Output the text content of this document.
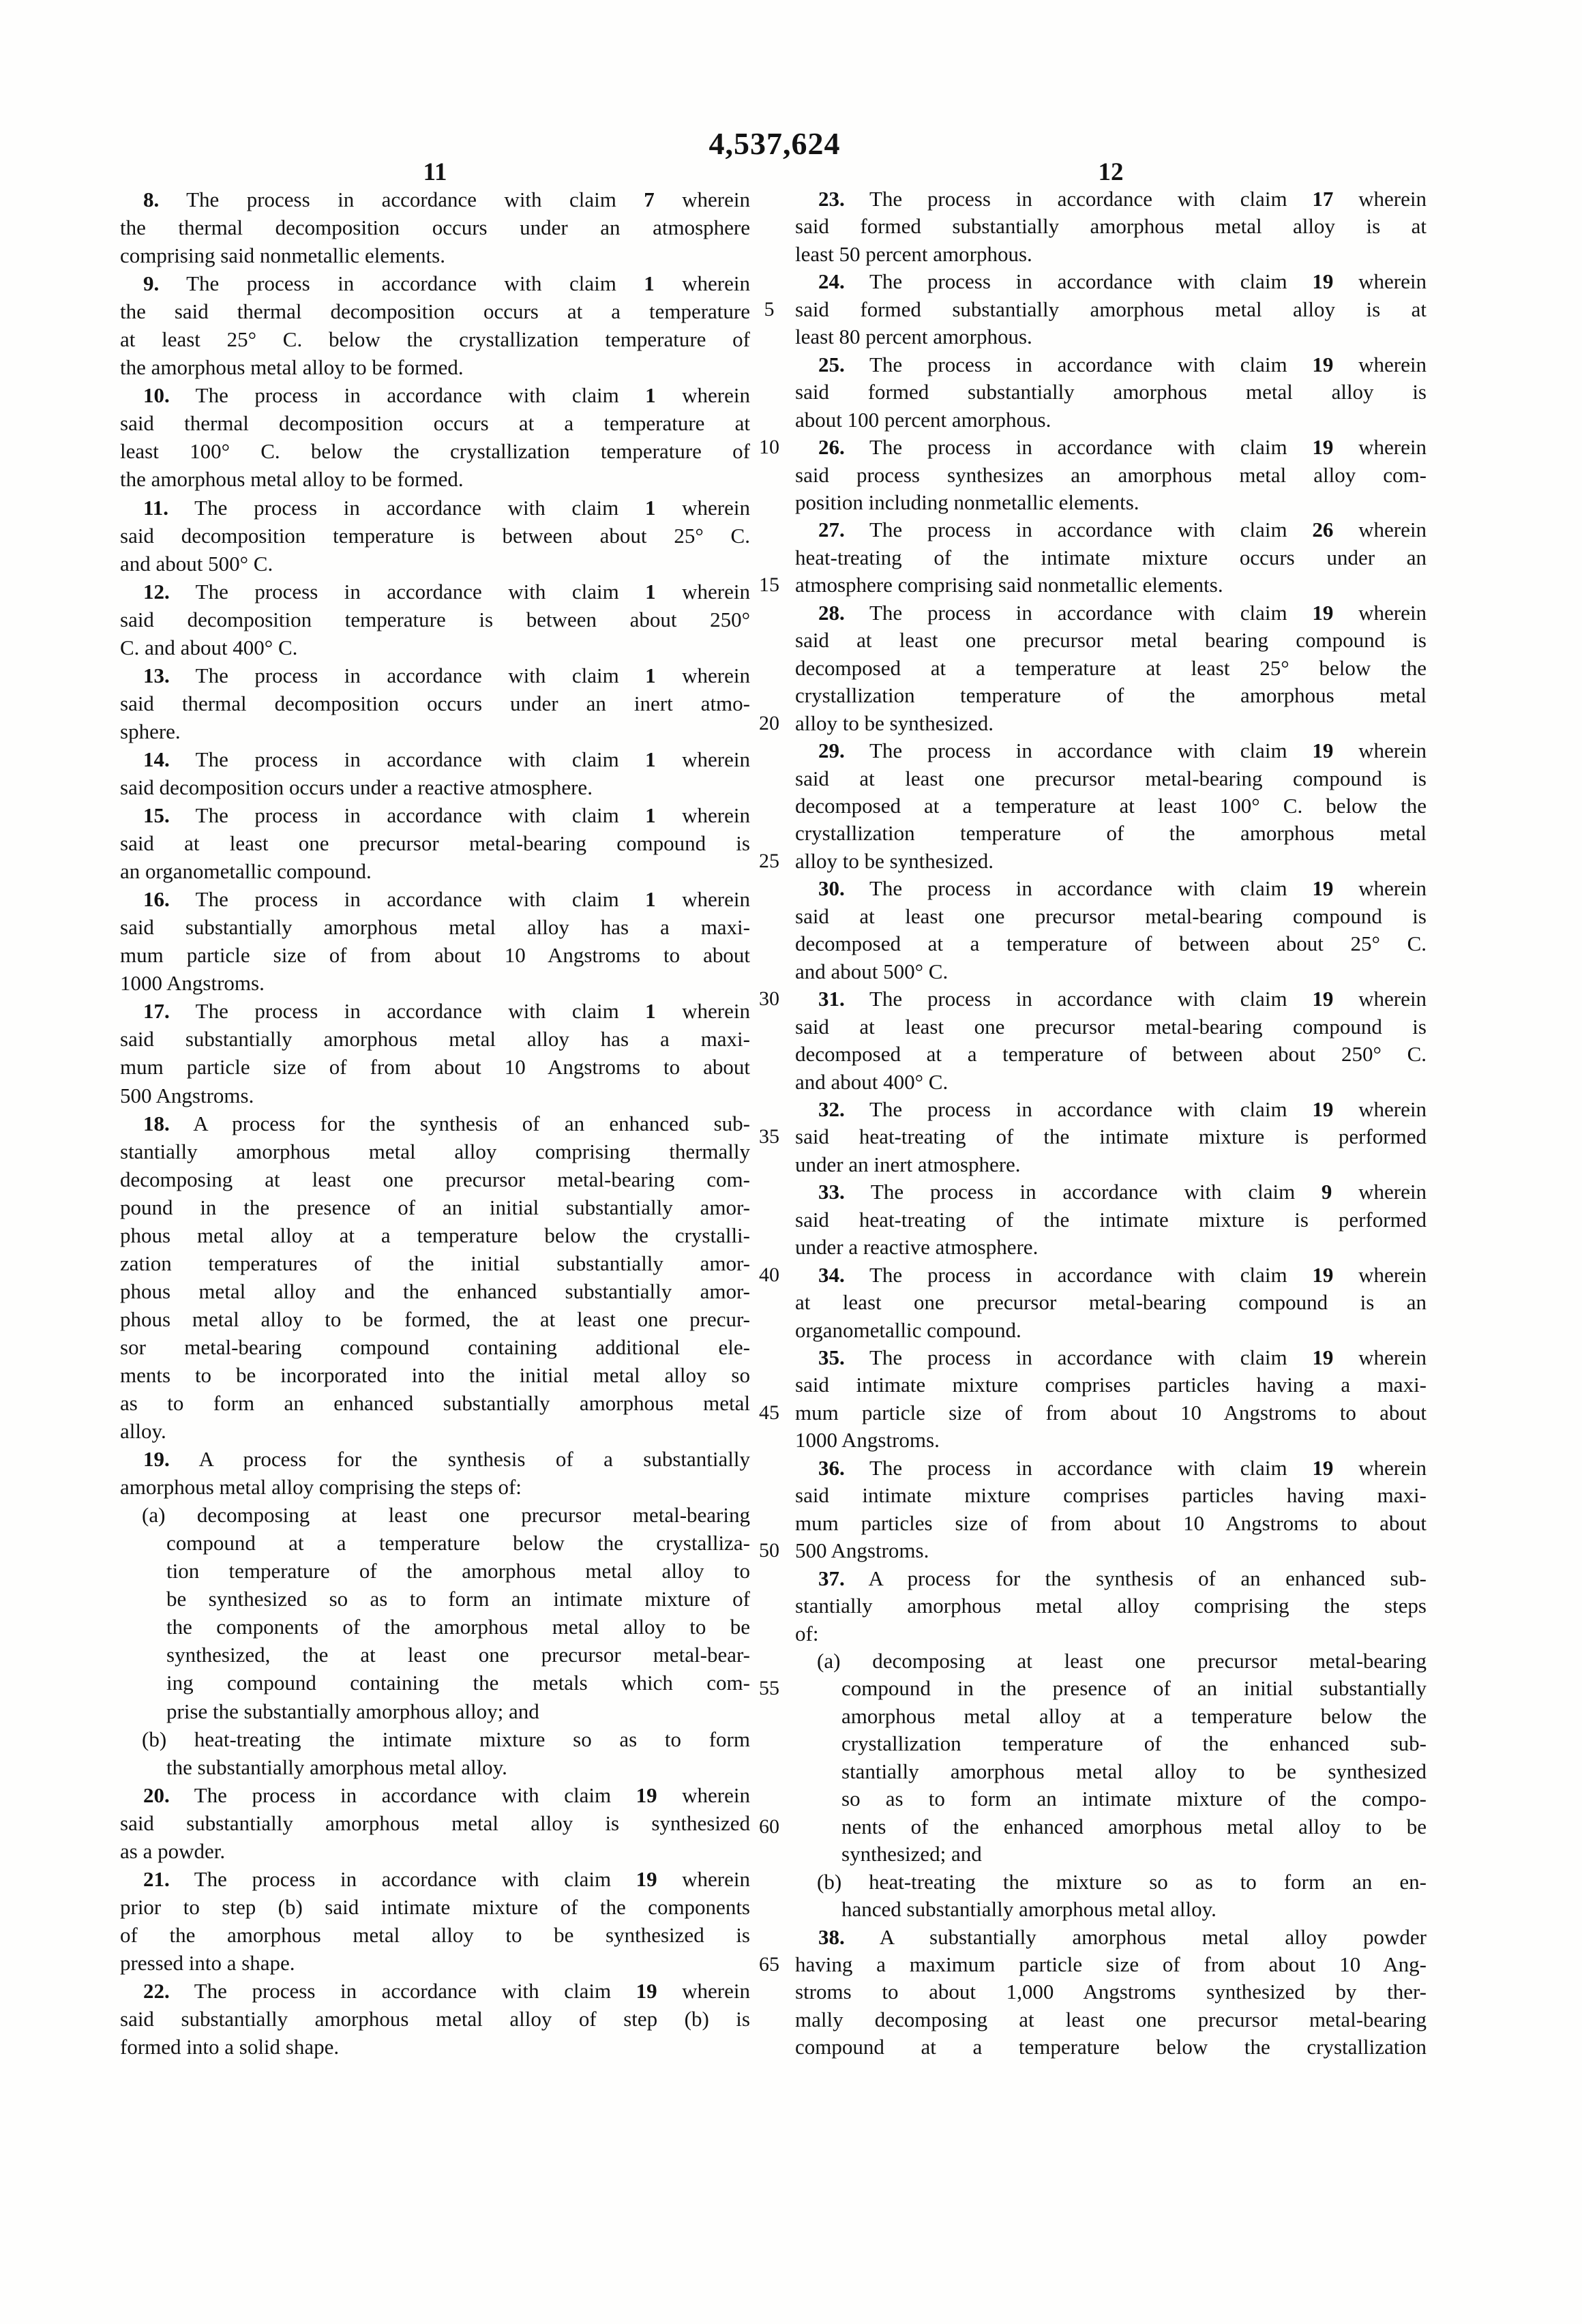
4,537,624
11	12
8. The process in accordance with claim 7 wherein
the thermal decomposition occurs under an atmosphere
comprising said nonmetallic elements.
9. The process in accordance with claim 1 wherein
the said thermal decomposition occurs at a temperature
at least 25° C. below the crystallization temperature of
the amorphous metal alloy to be formed.
10. The process in accordance with claim 1 wherein
said thermal decomposition occurs at a temperature at
least 100° C. below the crystallization temperature of
the amorphous metal alloy to be formed.
11. The process in accordance with claim 1 wherein
said decomposition temperature is between about 25° C.
and about 500° C.
12. The process in accordance with claim 1 wherein
said decomposition temperature is between about 250°
C. and about 400° C.
13. The process in accordance with claim 1 wherein
said thermal decomposition occurs under an inert atmo-
sphere.
14. The process in accordance with claim 1 wherein
said decomposition occurs under a reactive atmosphere.
15. The process in accordance with claim 1 wherein
said at least one precursor metal-bearing compound is
an organometallic compound.
16. The process in accordance with claim 1 wherein
said substantially amorphous metal alloy has a maxi-
mum particle size of from about 10 Angstroms to about
1000 Angstroms.
17. The process in accordance with claim 1 wherein
said substantially amorphous metal alloy has a maxi-
mum particle size of from about 10 Angstroms to about
500 Angstroms.
18. A process for the synthesis of an enhanced sub-
stantially amorphous metal alloy comprising thermally
decomposing at least one precursor metal-bearing com-
pound in the presence of an initial substantially amor-
phous metal alloy at a temperature below the crystalli-
zation temperatures of the initial substantially amor-
phous metal alloy and the enhanced substantially amor-
phous metal alloy to be formed, the at least one precur-
sor metal-bearing compound containing additional ele-
ments to be incorporated into the initial metal alloy so
as to form an enhanced substantially amorphous metal
alloy.
19. A process for the synthesis of a substantially
amorphous metal alloy comprising the steps of:
(a) decomposing at least one precursor metal-bearing
compound at a temperature below the crystalliza-
tion temperature of the amorphous metal alloy to
be synthesized so as to form an intimate mixture of
the components of the amorphous metal alloy to be
synthesized, the at least one precursor metal-bear-
ing compound containing the metals which com-
prise the substantially amorphous alloy; and
(b) heat-treating the intimate mixture so as to form
the substantially amorphous metal alloy.
20. The process in accordance with claim 19 wherein
said substantially amorphous metal alloy is synthesized
as a powder.
21. The process in accordance with claim 19 wherein
prior to step (b) said intimate mixture of the components
of the amorphous metal alloy to be synthesized is
pressed into a shape.
22. The process in accordance with claim 19 wherein
said substantially amorphous metal alloy of step (b) is
formed into a solid shape.
23. The process in accordance with claim 17 wherein
said formed substantially amorphous metal alloy is at
least 50 percent amorphous.
24. The process in accordance with claim 19 wherein
said formed substantially amorphous metal alloy is at
least 80 percent amorphous.
25. The process in accordance with claim 19 wherein
said formed substantially amorphous metal alloy is
about 100 percent amorphous.
26. The process in accordance with claim 19 wherein
said process synthesizes an amorphous metal alloy com-
position including nonmetallic elements.
27. The process in accordance with claim 26 wherein
heat-treating of the intimate mixture occurs under an
atmosphere comprising said nonmetallic elements.
28. The process in accordance with claim 19 wherein
said at least one precursor metal bearing compound is
decomposed at a temperature at least 25° below the
crystallization temperature of the amorphous metal
alloy to be synthesized.
29. The process in accordance with claim 19 wherein
said at least one precursor metal-bearing compound is
decomposed at a temperature at least 100° C. below the
crystallization temperature of the amorphous metal
alloy to be synthesized.
30. The process in accordance with claim 19 wherein
said at least one precursor metal-bearing compound is
decomposed at a temperature of between about 25° C.
and about 500° C.
31. The process in accordance with claim 19 wherein
said at least one precursor metal-bearing compound is
decomposed at a temperature of between about 250° C.
and about 400° C.
32. The process in accordance with claim 19 wherein
said heat-treating of the intimate mixture is performed
under an inert atmosphere.
33. The process in accordance with claim 9 wherein
said heat-treating of the intimate mixture is performed
under a reactive atmosphere.
34. The process in accordance with claim 19 wherein
at least one precursor metal-bearing compound is an
organometallic compound.
35. The process in accordance with claim 19 wherein
said intimate mixture comprises particles having a maxi-
mum particle size of from about 10 Angstroms to about
1000 Angstroms.
36. The process in accordance with claim 19 wherein
said intimate mixture comprises particles having maxi-
mum particles size of from about 10 Angstroms to about
500 Angstroms.
37. A process for the synthesis of an enhanced sub-
stantially amorphous metal alloy comprising the steps
of:
(a) decomposing at least one precursor metal-bearing
compound in the presence of an initial substantially
amorphous metal alloy at a temperature below the
crystallization temperature of the enhanced sub-
stantially amorphous metal alloy to be synthesized
so as to form an intimate mixture of the compo-
nents of the enhanced amorphous metal alloy to be
synthesized; and
(b) heat-treating the mixture so as to form an en-
hanced substantially amorphous metal alloy.
38. A substantially amorphous metal alloy powder
having a maximum particle size of from about 10 Ang-
stroms to about 1,000 Angstroms synthesized by ther-
mally decomposing at least one precursor metal-bearing
compound at a temperature below the crystallization
5
10
15
20
25
30
35
40
45
50
55
60
65
